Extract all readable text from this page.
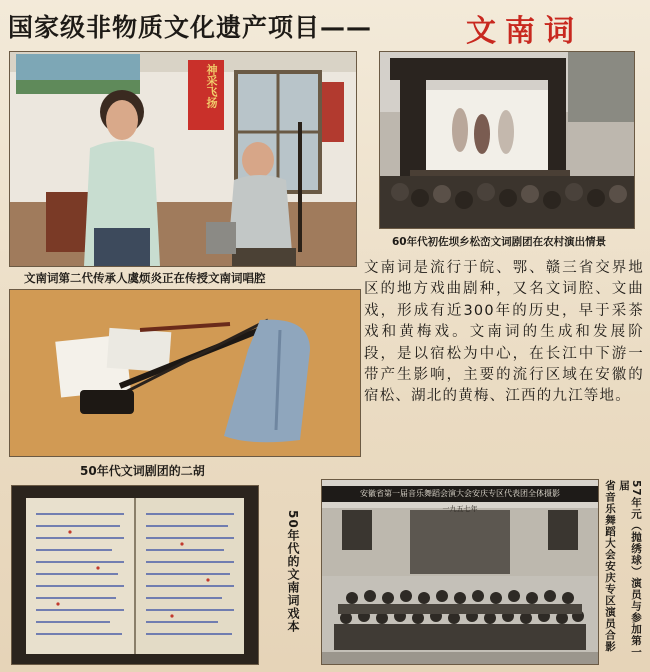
国家级非物质文化遗产项目——	文南词
神采飞扬
文南词第二代传承人虞烦炎正在传授文南词唱腔
60年代初佐坝乡松峦文词剧团在农村演出情景
50年代文词剧团的二胡
文南词是流行于皖、鄂、赣三省交界地区的地方戏曲剧种，又名文词腔、文曲戏，形成有近300年的历史，早于采茶戏和黄梅戏。文南词的生成和发展阶段，是以宿松为中心，在长江中下游一带产生影响，主要的流行区域在安徽的宿松、湖北的黄梅、江西的九江等地。
50年代的文南词戏本
安徽省第一届音乐舞蹈会演大会安庆专区代表团全体摄影
一九五七年	57年元（抛绣球）演员与参加第一届
省音乐舞蹈大会安庆专区演员合影
